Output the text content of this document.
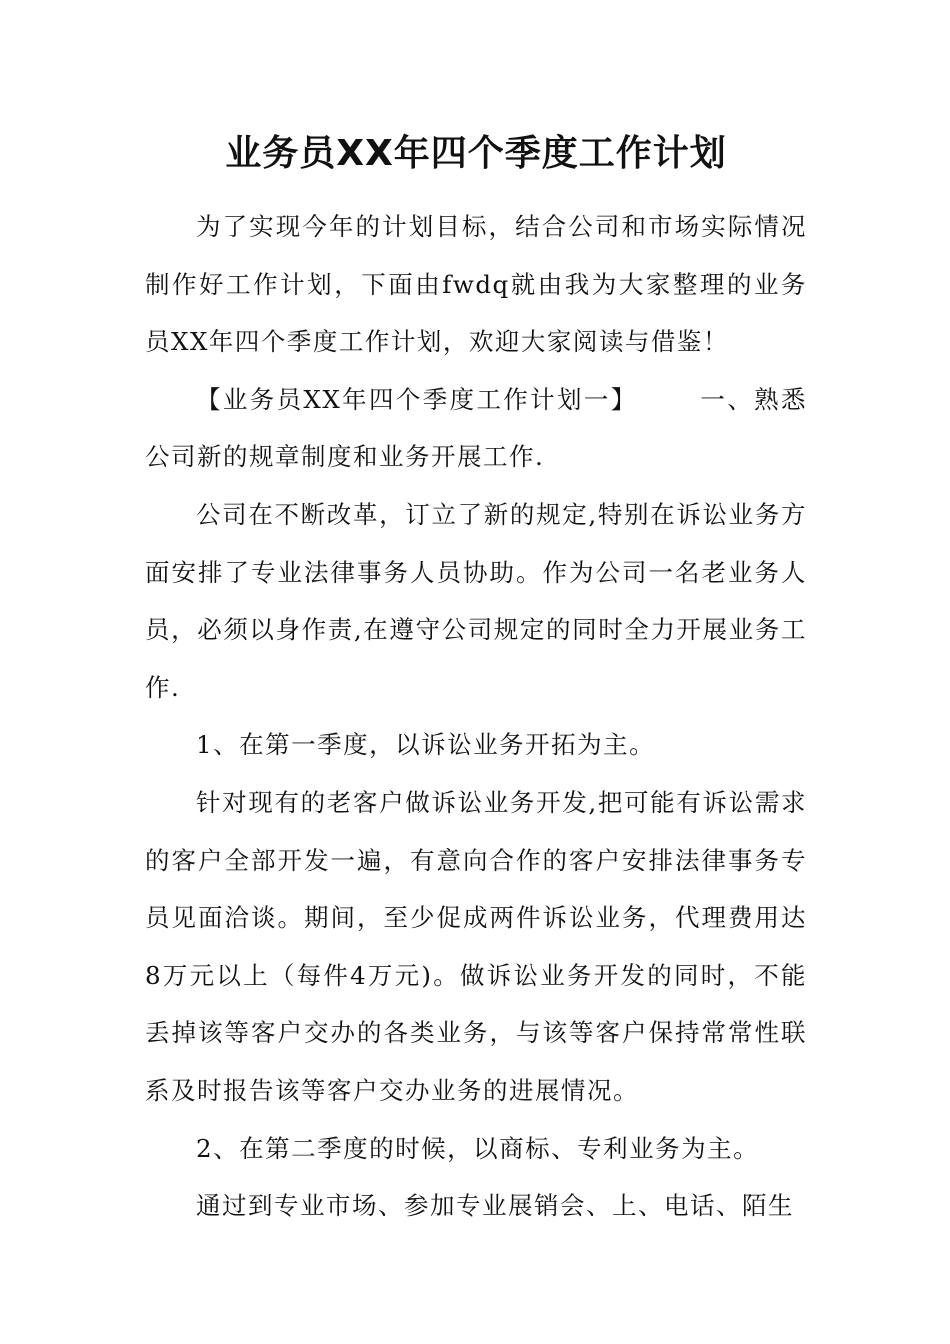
业务员XX年四个季度工作计划

为了实现今年的计划目标，结合公司和市场实际情况制作好工作计划，下面由fwdq就由我为大家整理的业务员XX年四个季度工作计划，欢迎大家阅读与借鉴！

【业务员XX年四个季度工作计划一】	一、熟悉公司新的规章制度和业务开展工作.

公司在不断改革，订立了新的规定,特别在诉讼业务方面安排了专业法律事务人员协助。作为公司一名老业务人员，必须以身作责,在遵守公司规定的同时全力开展业务工作.

1、在第一季度，以诉讼业务开拓为主。

针对现有的老客户做诉讼业务开发,把可能有诉讼需求的客户全部开发一遍，有意向合作的客户安排法律事务专员见面洽谈。期间，至少促成两件诉讼业务，代理费用达8万元以上（每件4万元)。做诉讼业务开发的同时，不能丢掉该等客户交办的各类业务，与该等客户保持常常性联系及时报告该等客户交办业务的进展情况。

2、在第二季度的时候，以商标、专利业务为主。

通过到专业市场、参加专业展销会、上、电话、陌生
